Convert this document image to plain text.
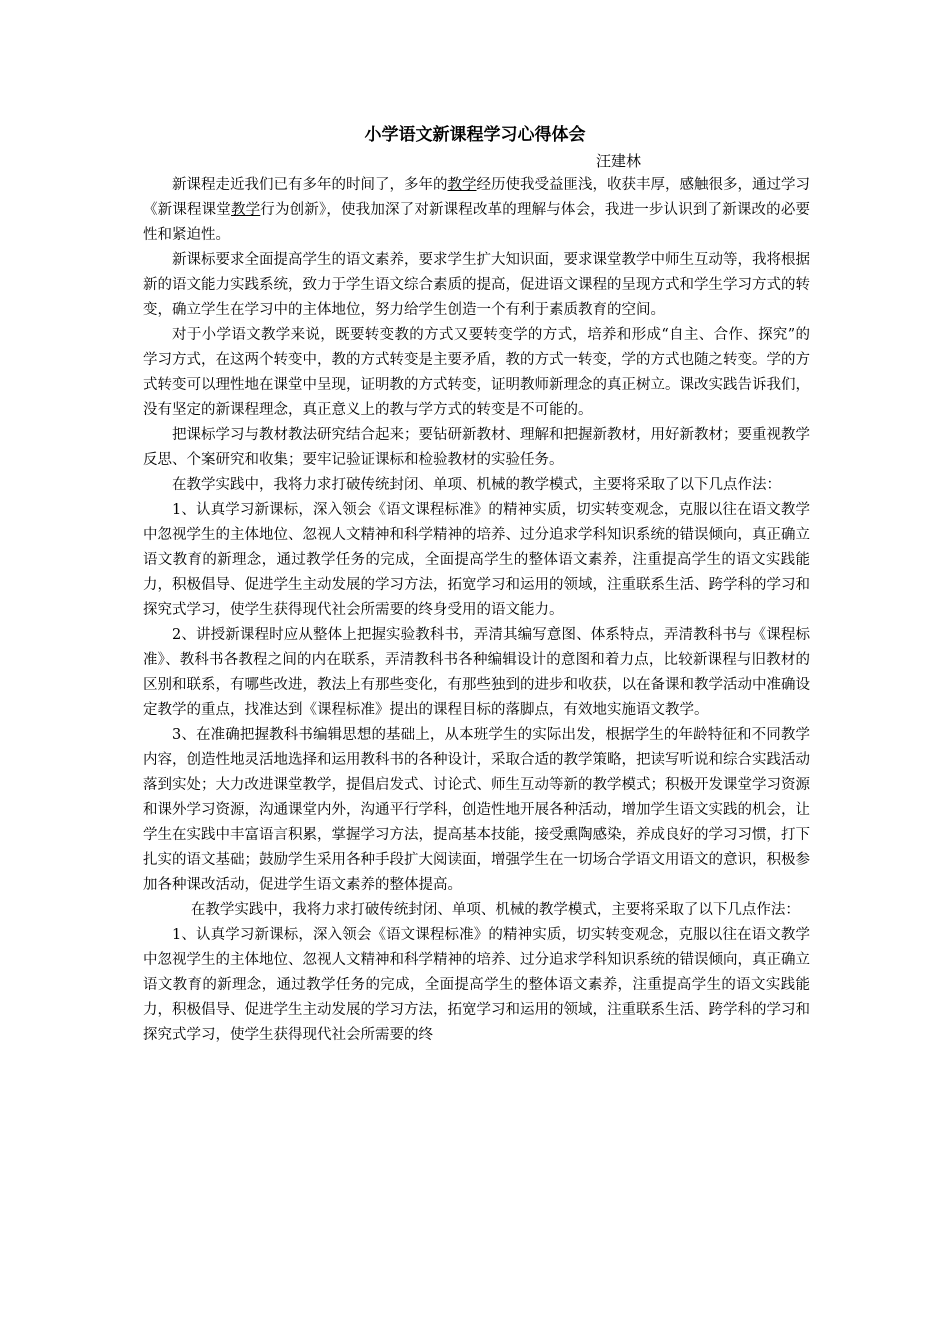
小学语文新课程学习心得体会
汪建林

新课程走近我们已有多年的时间了，多年的教学经历使我受益匪浅，收获丰厚，感触很多，通过学习《新课程课堂教学行为创新》，使我加深了对新课程改革的理解与体会，我进一步认识到了新课改的必要性和紧迫性。

新课标要求全面提高学生的语文素养，要求学生扩大知识面，要求课堂教学中师生互动等，我将根据新的语文能力实践系统，致力于学生语文综合素质的提高，促进语文课程的呈现方式和学生学习方式的转变，确立学生在学习中的主体地位，努力给学生创造一个有利于素质教育的空间。

对于小学语文教学来说，既要转变教的方式又要转变学的方式，培养和形成“自主、合作、探究”的学习方式，在这两个转变中，教的方式转变是主要矛盾，教的方式一转变，学的方式也随之转变。学的方式转变可以理性地在课堂中呈现，证明教的方式转变，证明教师新理念的真正树立。课改实践告诉我们，没有坚定的新课程理念，真正意义上的教与学方式的转变是不可能的。

把课标学习与教材教法研究结合起来；要钻研新教材、理解和把握新教材，用好新教材；要重视教学反思、个案研究和收集；要牢记验证课标和检验教材的实验任务。

在教学实践中，我将力求打破传统封闭、单项、机械的教学模式，主要将采取了以下几点作法：

1、认真学习新课标，深入领会《语文课程标准》的精神实质，切实转变观念，克服以往在语文教学中忽视学生的主体地位、忽视人文精神和科学精神的培养、过分追求学科知识系统的错误倾向，真正确立语文教育的新理念，通过教学任务的完成，全面提高学生的整体语文素养，注重提高学生的语文实践能力，积极倡导、促进学生主动发展的学习方法，拓宽学习和运用的领域，注重联系生活、跨学科的学习和探究式学习，使学生获得现代社会所需要的终身受用的语文能力。

2、讲授新课程时应从整体上把握实验教科书，弄清其编写意图、体系特点，弄清教科书与《课程标准》、教科书各教程之间的内在联系，弄清教科书各种编辑设计的意图和着力点，比较新课程与旧教材的区别和联系，有哪些改进，教法上有那些变化，有那些独到的进步和收获，以在备课和教学活动中准确设定教学的重点，找准达到《课程标准》提出的课程目标的落脚点，有效地实施语文教学。

3、在准确把握教科书编辑思想的基础上，从本班学生的实际出发，根据学生的年龄特征和不同教学内容，创造性地灵活地选择和运用教科书的各种设计，采取合适的教学策略，把读写听说和综合实践活动落到实处；大力改进课堂教学，提倡启发式、讨论式、师生互动等新的教学模式；积极开发课堂学习资源和课外学习资源，沟通课堂内外，沟通平行学科，创造性地开展各种活动，增加学生语文实践的机会，让学生在实践中丰富语言积累，掌握学习方法，提高基本技能，接受熏陶感染，养成良好的学习习惯，打下扎实的语文基础；鼓励学生采用各种手段扩大阅读面，增强学生在一切场合学语文用语文的意识，积极参加各种课改活动，促进学生语文素养的整体提高。

在教学实践中，我将力求打破传统封闭、单项、机械的教学模式，主要将采取了以下几点作法：

1、认真学习新课标，深入领会《语文课程标准》的精神实质，切实转变观念，克服以往在语文教学中忽视学生的主体地位、忽视人文精神和科学精神的培养、过分追求学科知识系统的错误倾向，真正确立语文教育的新理念，通过教学任务的完成，全面提高学生的整体语文素养，注重提高学生的语文实践能力，积极倡导、促进学生主动发展的学习方法，拓宽学习和运用的领域，注重联系生活、跨学科的学习和探究式学习，使学生获得现代社会所需要的终
